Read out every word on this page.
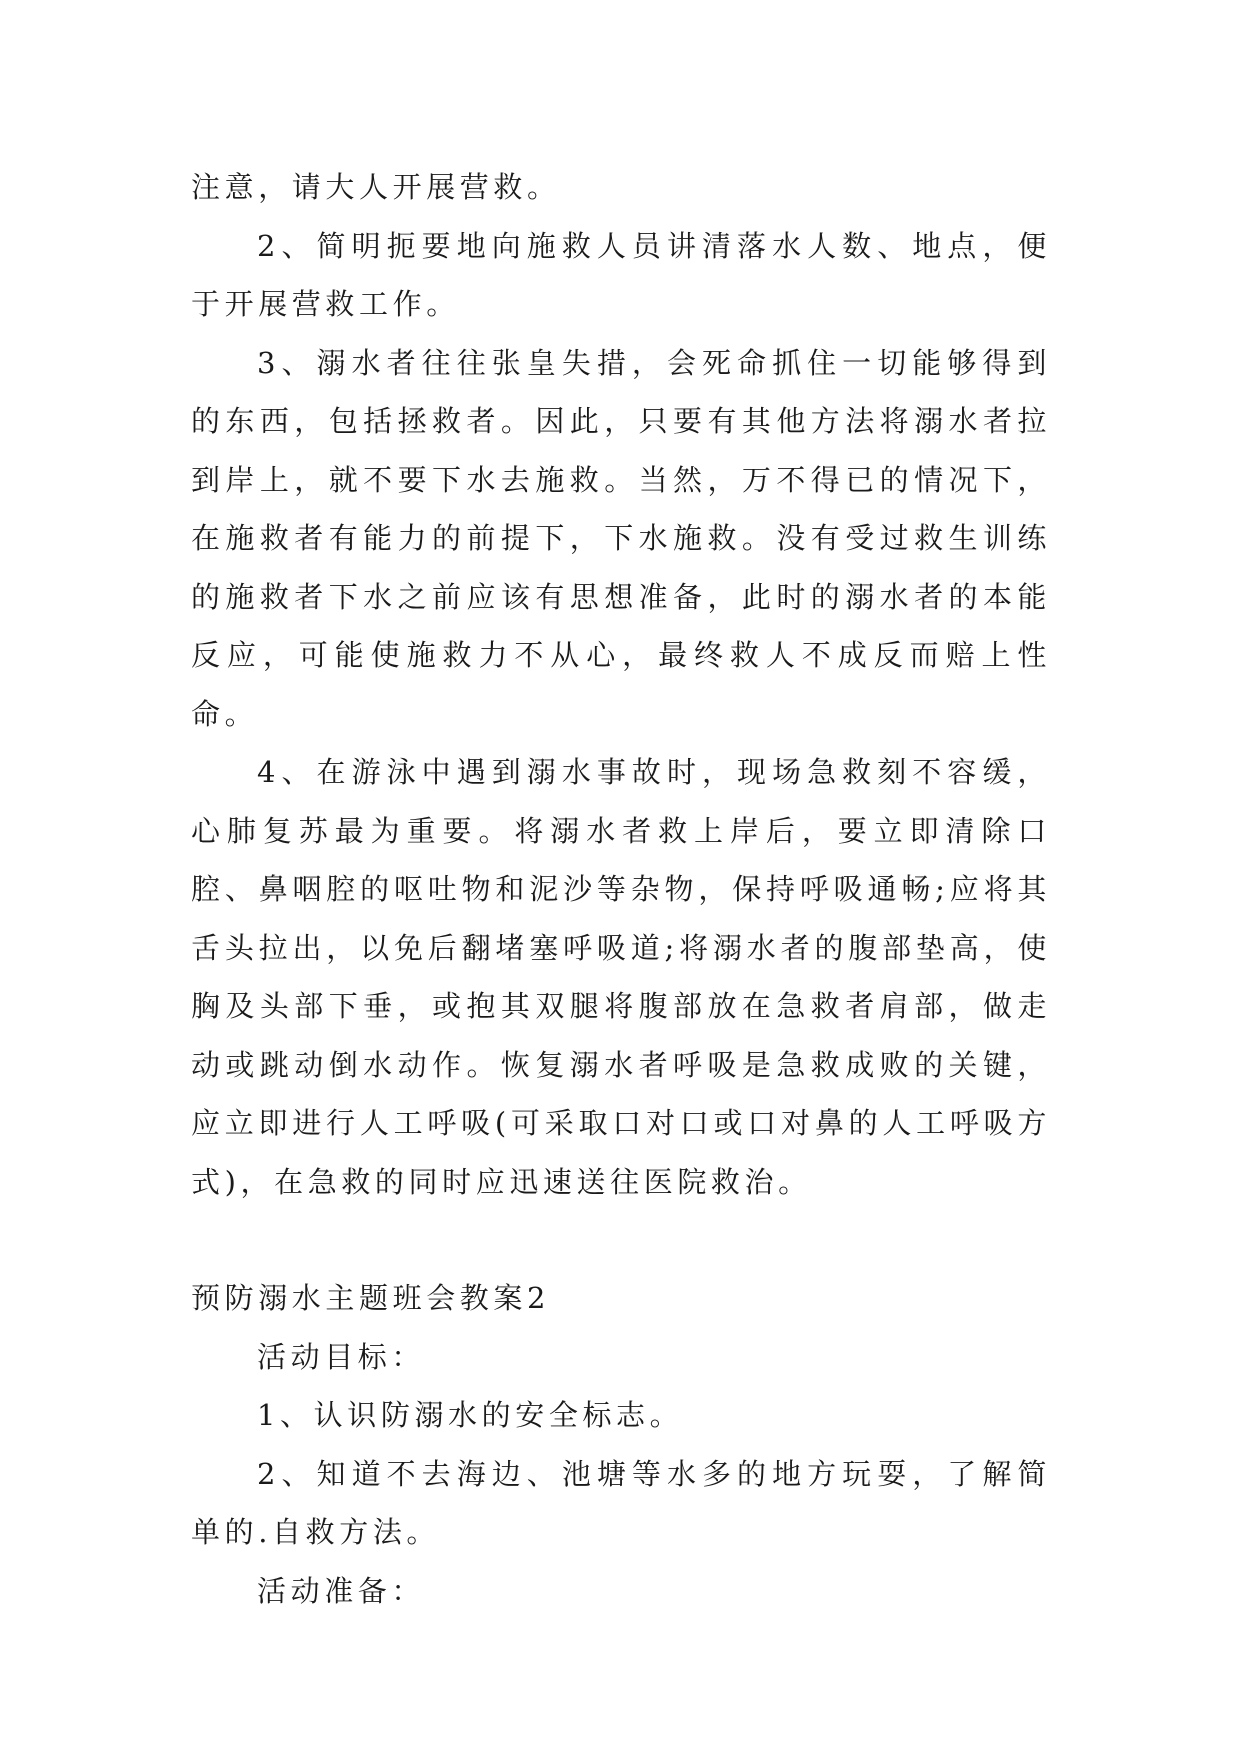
注意，请大人开展营救。

2、简明扼要地向施救人员讲清落水人数、地点，便于开展营救工作。

3、溺水者往往张皇失措，会死命抓住一切能够得到的东西，包括拯救者。因此，只要有其他方法将溺水者拉到岸上，就不要下水去施救。当然，万不得已的情况下，在施救者有能力的前提下，下水施救。没有受过救生训练的施救者下水之前应该有思想准备，此时的溺水者的本能反应，可能使施救力不从心，最终救人不成反而赔上性命。

4、在游泳中遇到溺水事故时，现场急救刻不容缓，心肺复苏最为重要。将溺水者救上岸后，要立即清除口腔、鼻咽腔的呕吐物和泥沙等杂物，保持呼吸通畅;应将其舌头拉出，以免后翻堵塞呼吸道;将溺水者的腹部垫高，使胸及头部下垂，或抱其双腿将腹部放在急救者肩部，做走动或跳动倒水动作。恢复溺水者呼吸是急救成败的关键，应立即进行人工呼吸(可采取口对口或口对鼻的人工呼吸方式)，在急救的同时应迅速送往医院救治。

预防溺水主题班会教案2

活动目标：

1、认识防溺水的安全标志。

2、知道不去海边、池塘等水多的地方玩耍，了解简单的.自救方法。

活动准备：
